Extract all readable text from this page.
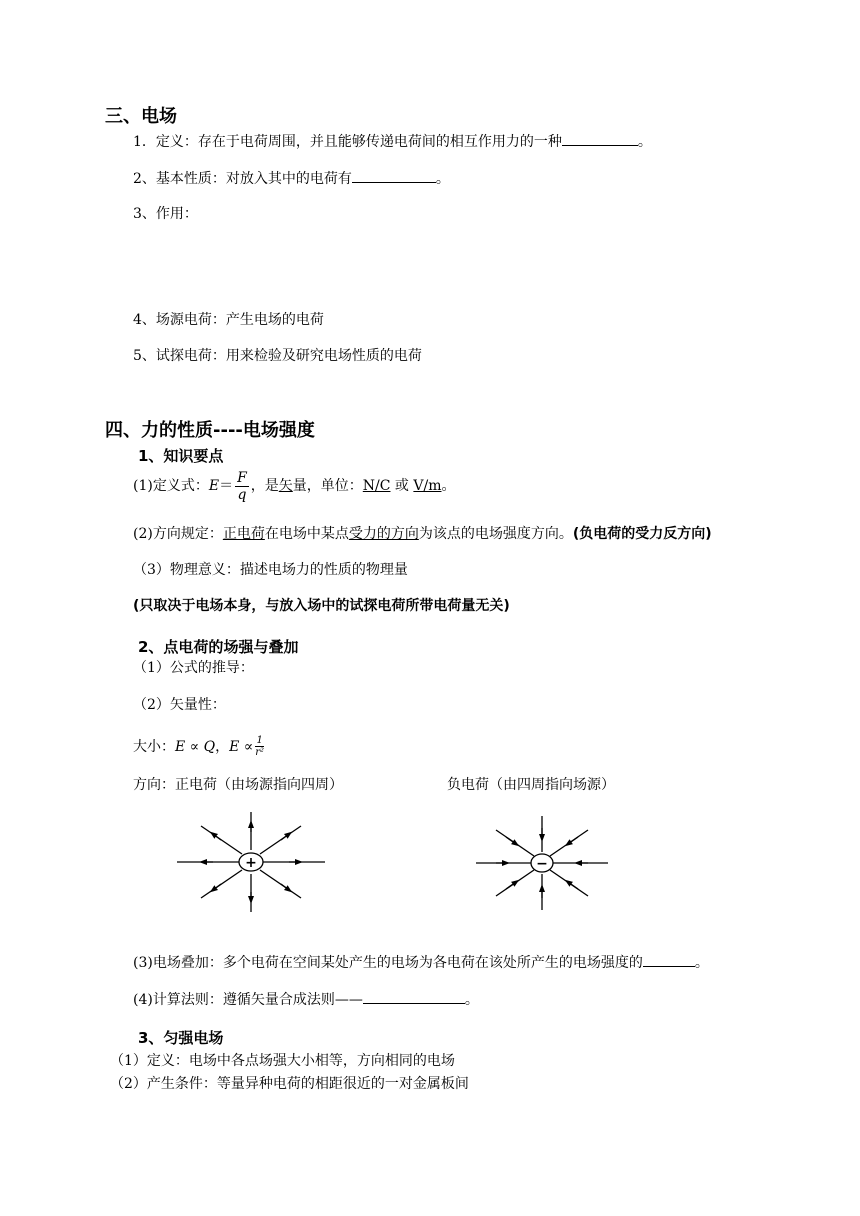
三、电场
1．定义：存在于电荷周围，并且能够传递电荷间的相互作用力的一种	。
2、基本性质：对放入其中的电荷有	。
3、作用：
4、场源电荷：产生电场的电荷
5、试探电荷：用来检验及研究电场性质的电荷
四、力的性质----电场强度
1、知识要点
(1)定义式：$E= \frac{F}{q}$ ，是矢量，单位：N/C 或 V/m。
(2)方向规定：正电荷在电场中某点受力的方向为该点的电场强度方向。(负电荷的受力反方向)
（3）物理意义：描述电场力的性质的物理量
(只取决于电场本身，与放入场中的试探电荷所带电荷量无关)
2、点电荷的场强与叠加
（1）公式的推导：
（2）矢量性：
大小：E ∝ Q，$E \propto \frac{1}{\text{r²}}$
方向：正电荷（由场源指向四周）	负电荷（由四周指向场源）
+	−
(3)电场叠加：多个电荷在空间某处产生的电场为各电荷在该处所产生的电场强度的	。
(4)计算法则：遵循矢量合成法则——	。
3、匀强电场
（1）定义：电场中各点场强大小相等，方向相同的电场
（2）产生条件：等量异种电荷的相距很近的一对金属板间
